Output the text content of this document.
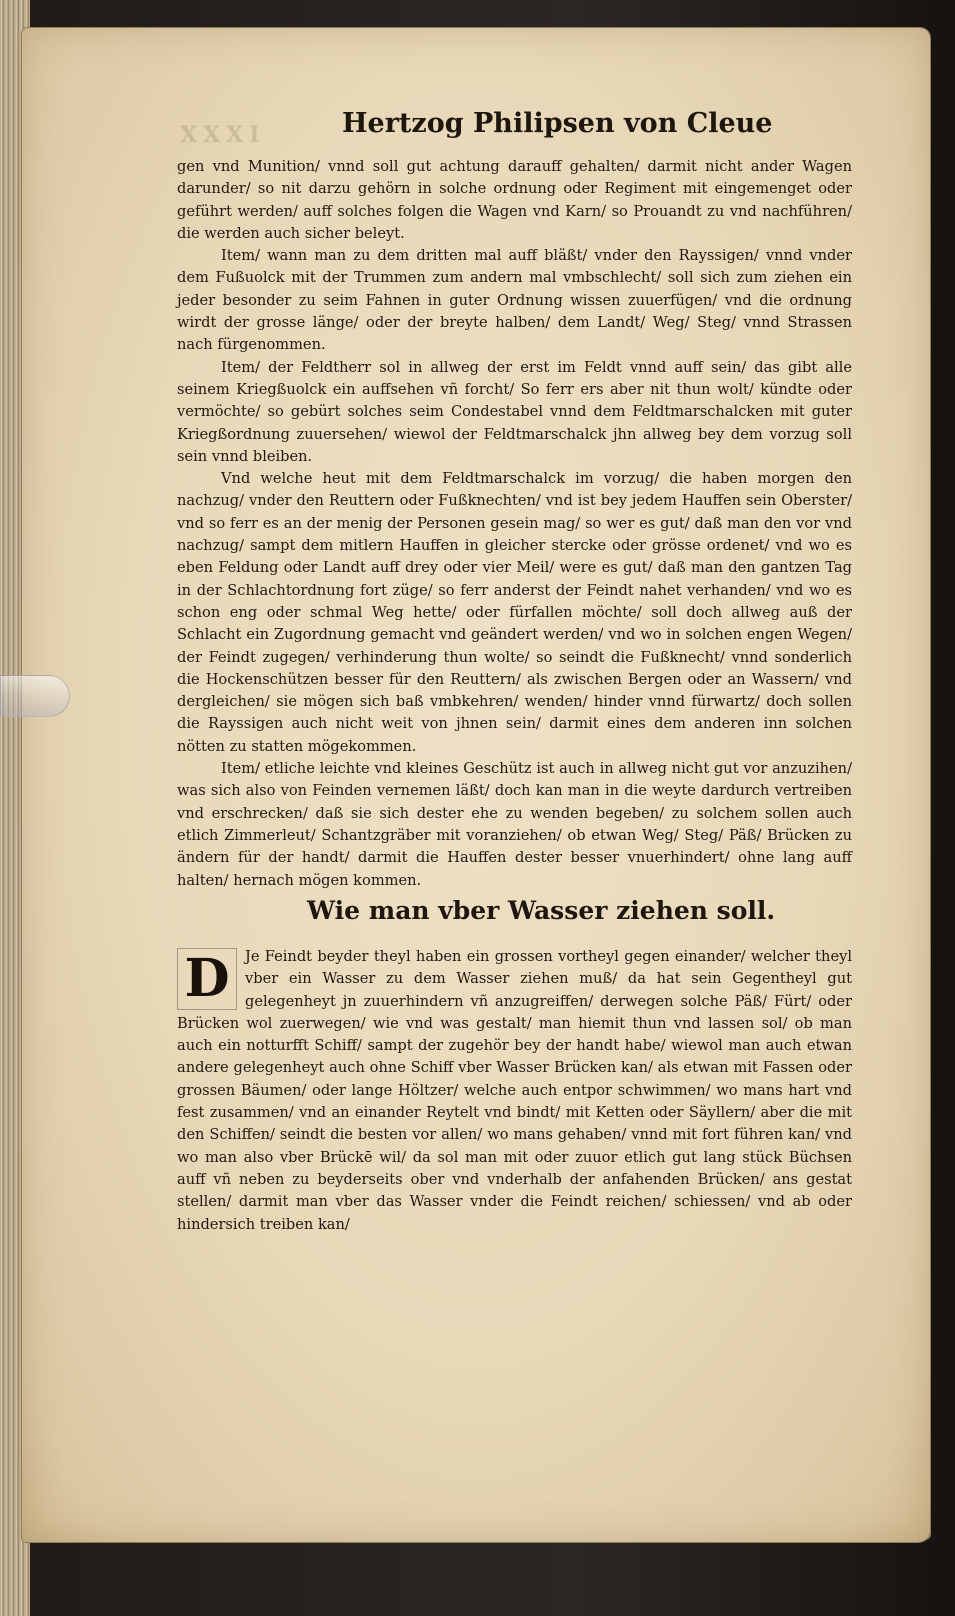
XXXI	Hertzog Philipsen von Cleue

gen vnd Munition/ vnnd soll gut achtung darauff gehalten/ darmit nicht ander Wagen darunder/ so nit darzu gehörn in solche ordnung oder Regiment mit eingemenget oder geführt werden/ auff solches folgen die Wagen vnd Karn/ so Prouandt zu vnd nachführen/ die werden auch sicher beleyt.

Item/ wann man zu dem dritten mal auff bläßt/ vnder den Rayssigen/ vnnd vnder dem Fußuolck mit der Trummen zum andern mal vmbschlecht/ soll sich zum ziehen ein jeder besonder zu seim Fahnen in guter Ordnung wissen zuuerfügen/ vnd die ordnung wirdt der grosse länge/ oder der breyte halben/ dem Landt/ Weg/ Steg/ vnnd Strassen nach fürgenommen.

Item/ der Feldtherr sol in allweg der erst im Feldt vnnd auff sein/ das gibt alle seinem Kriegßuolck ein auffsehen vñ forcht/ So ferr ers aber nit thun wolt/ kündte oder vermöchte/ so gebürt solches seim Condestabel vnnd dem Feldtmarschalcken mit guter Kriegßordnung zuuersehen/ wiewol der Feldtmarschalck jhn allweg bey dem vorzug soll sein vnnd bleiben.

Vnd welche heut mit dem Feldtmarschalck im vorzug/ die haben morgen den nachzug/ vnder den Reuttern oder Fußknechten/ vnd ist bey jedem Hauffen sein Oberster/ vnd so ferr es an der menig der Personen gesein mag/ so wer es gut/ daß man den vor vnd nachzug/ sampt dem mitlern Hauffen in gleicher stercke oder grösse ordenet/ vnd wo es eben Feldung oder Landt auff drey oder vier Meil/ were es gut/ daß man den gantzen Tag in der Schlachtordnung fort züge/ so ferr anderst der Feindt nahet verhanden/ vnd wo es schon eng oder schmal Weg hette/ oder fürfallen möchte/ soll doch allweg auß der Schlacht ein Zugordnung gemacht vnd geändert werden/ vnd wo in solchen engen Wegen/ der Feindt zugegen/ verhinderung thun wolte/ so seindt die Fußknecht/ vnnd sonderlich die Hockenschützen besser für den Reuttern/ als zwischen Bergen oder an Wassern/ vnd dergleichen/ sie mögen sich baß vmbkehren/ wenden/ hinder vnnd fürwartz/ doch sollen die Rayssigen auch nicht weit von jhnen sein/ darmit eines dem anderen inn solchen nötten zu statten mögekommen.

Item/ etliche leichte vnd kleines Geschütz ist auch in allweg nicht gut vor anzuzihen/ was sich also von Feinden vernemen läßt/ doch kan man in die weyte dardurch vertreiben vnd erschrecken/ daß sie sich dester ehe zu wenden begeben/ zu solchem sollen auch etlich Zimmerleut/ Schantzgräber mit voranziehen/ ob etwan Weg/ Steg/ Päß/ Brücken zu ändern für der handt/ darmit die Hauffen dester besser vnuerhindert/ ohne lang auff halten/ hernach mögen kommen.

Wie man vber Wasser ziehen soll.
D	Je Feindt beyder theyl haben ein grossen vortheyl gegen einander/ welcher theyl vber ein Wasser zu dem Wasser ziehen muß/ da hat sein Gegentheyl gut gelegenheyt jn zuuerhindern vñ anzugreiffen/ derwegen solche Päß/ Fürt/ oder Brücken wol zuerwegen/ wie vnd was gestalt/ man hiemit thun vnd lassen sol/ ob man auch ein notturfft Schiff/ sampt der zugehör bey der handt habe/ wiewol man auch etwan andere gelegenheyt auch ohne Schiff vber Wasser Brücken kan/ als etwan mit Fassen oder grossen Bäumen/ oder lange Höltzer/ welche auch entpor schwimmen/ wo mans hart vnd fest zusammen/ vnd an einander Reytelt vnd bindt/ mit Ketten oder Säyllern/ aber die mit den Schiffen/ seindt die besten vor allen/ wo mans gehaben/ vnnd mit fort führen kan/ vnd wo man also vber Brückē wil/ da sol man mit oder zuuor etlich gut lang stück Büchsen auff vñ neben zu beyderseits ober vnd vnderhalb der anfahenden Brücken/ ans gestat stellen/ darmit man vber das Wasser vnder die Feindt reichen/ schiessen/ vnd ab oder hindersich treiben kan/
